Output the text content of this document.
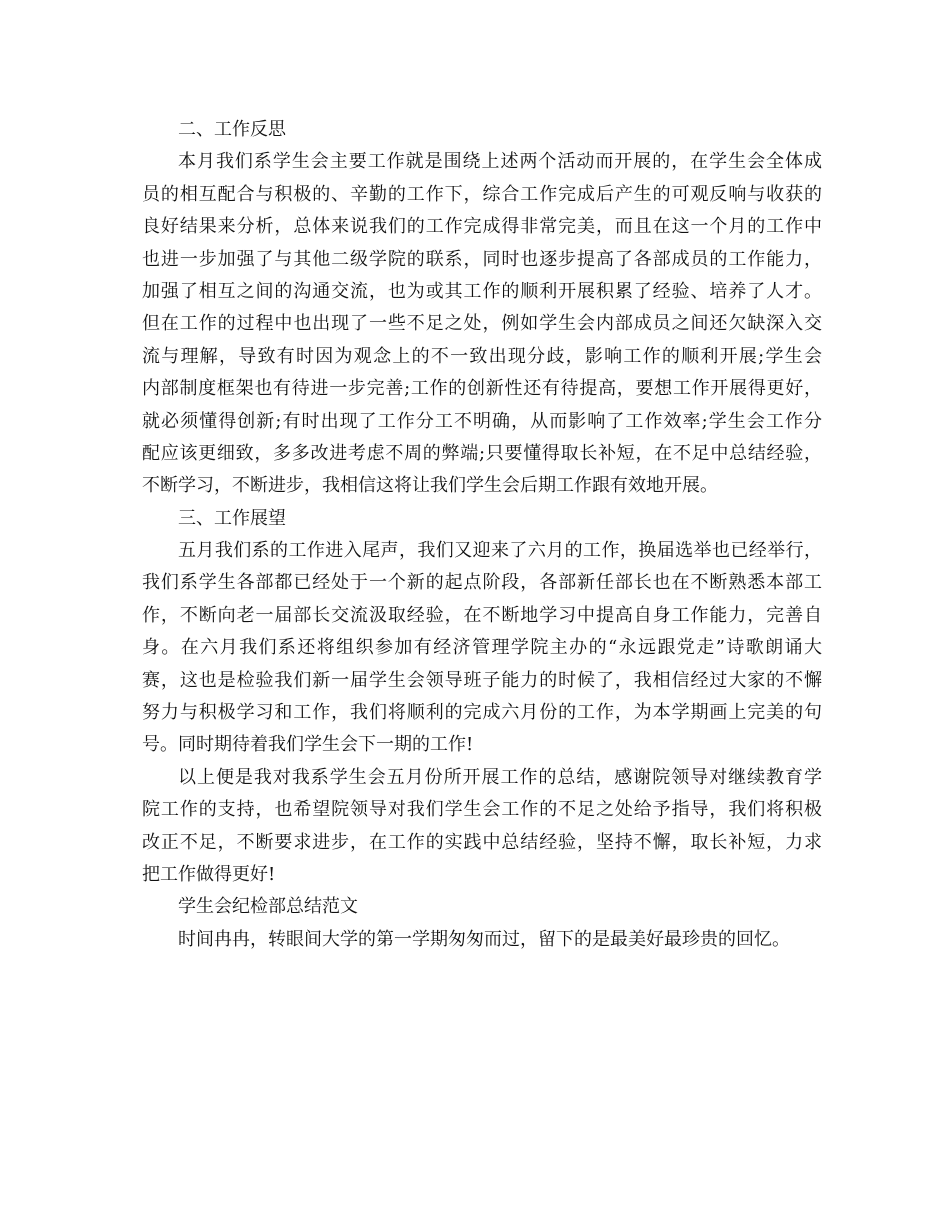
二、工作反思
本月我们系学生会主要工作就是围绕上述两个活动而开展的，在学生会全体成
员的相互配合与积极的、辛勤的工作下，综合工作完成后产生的可观反响与收获的
良好结果来分析，总体来说我们的工作完成得非常完美，而且在这一个月的工作中
也进一步加强了与其他二级学院的联系，同时也逐步提高了各部成员的工作能力，
加强了相互之间的沟通交流，也为或其工作的顺利开展积累了经验、培养了人才。
但在工作的过程中也出现了一些不足之处，例如学生会内部成员之间还欠缺深入交
流与理解，导致有时因为观念上的不一致出现分歧，影响工作的顺利开展;学生会
内部制度框架也有待进一步完善;工作的创新性还有待提高，要想工作开展得更好，
就必须懂得创新;有时出现了工作分工不明确，从而影响了工作效率;学生会工作分
配应该更细致，多多改进考虑不周的弊端;只要懂得取长补短，在不足中总结经验，
不断学习，不断进步，我相信这将让我们学生会后期工作跟有效地开展。
三、工作展望
五月我们系的工作进入尾声，我们又迎来了六月的工作，换届选举也已经举行，
我们系学生各部都已经处于一个新的起点阶段，各部新任部长也在不断熟悉本部工
作，不断向老一届部长交流汲取经验，在不断地学习中提高自身工作能力，完善自
身。在六月我们系还将组织参加有经济管理学院主办的“永远跟党走”诗歌朗诵大
赛，这也是检验我们新一届学生会领导班子能力的时候了，我相信经过大家的不懈
努力与积极学习和工作，我们将顺利的完成六月份的工作，为本学期画上完美的句
号。同时期待着我们学生会下一期的工作!
以上便是我对我系学生会五月份所开展工作的总结，感谢院领导对继续教育学
院工作的支持，也希望院领导对我们学生会工作的不足之处给予指导，我们将积极
改正不足，不断要求进步，在工作的实践中总结经验，坚持不懈，取长补短，力求
把工作做得更好!
学生会纪检部总结范文
时间冉冉，转眼间大学的第一学期匆匆而过，留下的是最美好最珍贵的回忆。
